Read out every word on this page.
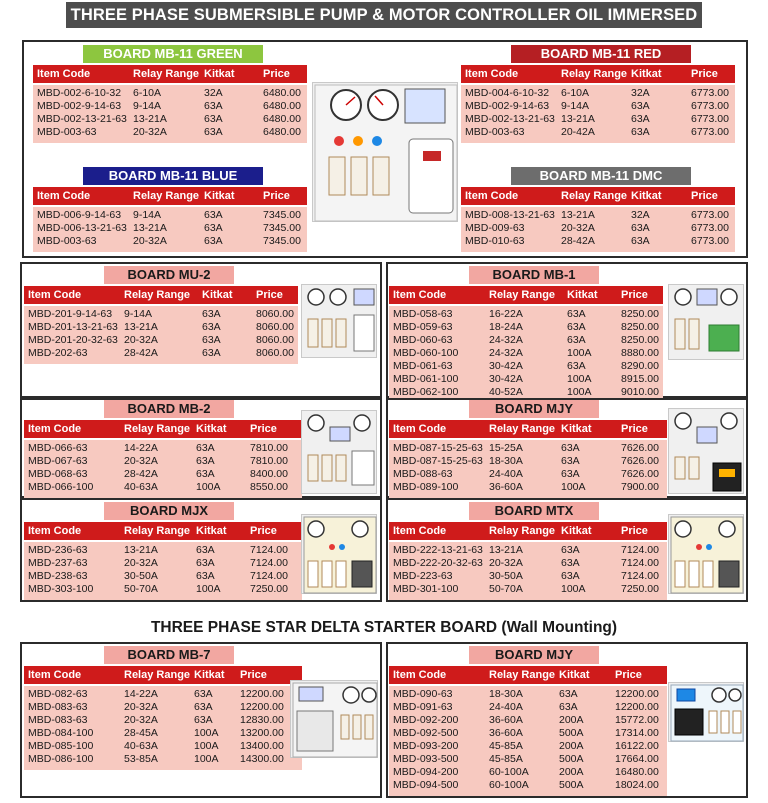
THREE PHASE SUBMERSIBLE PUMP & MOTOR CONTROLLER OIL IMMERSED
BOARD MB-11 GREEN
Item Code	Relay Range Kitkat	Price
MBD-002-6-10-32 6-10A	32A	6480.00
MBD-002-9-14-63 9-14A	63A	6480.00
MBD-002-13-21-63 13-21A	63A	6480.00
MBD-003-63	20-32A	63A	6480.00
BOARD MB-11 RED
Item Code	Relay Range Kitkat	Price
MBD-004-6-10-32 6-10A	32A	6773.00
MBD-002-9-14-63 9-14A	63A	6773.00
MBD-002-13-21-63 13-21A	63A	6773.00
MBD-003-63	20-42A	63A	6773.00
BOARD MB-11 BLUE
Item Code	Relay Range Kitkat	Price
MBD-006-9-14-63 9-14A	63A	7345.00
MBD-006-13-21-63 13-21A	63A	7345.00
MBD-003-63	20-32A	63A	7345.00
BOARD MB-11 DMC
Item Code	Relay Range Kitkat	Price
MBD-008-13-21-63 13-21A	32A	6773.00
MBD-009-63	20-32A	63A	6773.00
MBD-010-63	28-42A	63A	6773.00
BOARD MU-2
Item Code	Relay Range Kitkat Price
MBD-201-9-14-63 9-14A	63A	8060.00
MBD-201-13-21-63 13-21A	63A	8060.00
MBD-201-20-32-63 20-32A	63A	8060.00
MBD-202-63	28-42A	63A	8060.00
BOARD MB-1
Item Code	Relay Range Kitkat Price
MBD-058-63	16-22A	63A	8250.00
MBD-059-63	18-24A	63A	8250.00
MBD-060-63	24-32A	63A	8250.00
MBD-060-100	24-32A	100A	8880.00
MBD-061-63	30-42A	63A	8290.00
MBD-061-100	30-42A	100A	8915.00
MBD-062-100	40-52A	100A	9010.00
BOARD MB-2
Item Code	Relay Range Kitkat Price
MBD-066-63	14-22A	63A	7810.00
MBD-067-63	20-32A	63A	7810.00
MBD-068-63	28-42A	63A	8400.00
MBD-066-100	40-63A	100A	8550.00
BOARD MJY
Item Code	Relay Range Kitkat	Price
MBD-087-15-25-63 15-25A	63A	7626.00
MBD-087-15-25-63 18-30A	63A	7626.00
MBD-088-63	24-40A	63A	7626.00
MBD-089-100	36-60A	100A	7900.00
BOARD MJX
Item Code	Relay Range Kitkat Price
MBD-236-63	13-21A	63A	7124.00
MBD-237-63	20-32A	63A	7124.00
MBD-238-63	30-50A	63A	7124.00
MBD-303-100	50-70A	100A	7250.00
BOARD MTX
Item Code	Relay Range Kitkat	Price
MBD-222-13-21-63 13-21A	63A	7124.00
MBD-222-20-32-63 20-32A	63A	7124.00
MBD-223-63	30-50A	63A	7124.00
MBD-301-100	50-70A	100A	7250.00
THREE PHASE STAR DELTA STARTER BOARD (Wall Mounting)
BOARD MB-7
Item Code	Relay Range Kitkat Price
MBD-082-63	14-22A	63A	12200.00
MBD-083-63	20-32A	63A	12200.00
MBD-083-63	20-32A	63A	12830.00
MBD-084-100	28-45A	100A 13200.00
MBD-085-100	40-63A	100A 13400.00
MBD-086-100	53-85A	100A 14300.00
BOARD MJY
Item Code	Relay Range Kitkat Price
MBD-090-63	18-30A	63A	12200.00
MBD-091-63	24-40A	63A	12200.00
MBD-092-200	36-60A	200A	15772.00
MBD-092-500	36-60A	500A	17314.00
MBD-093-200	45-85A	200A	16122.00
MBD-093-500	45-85A	500A	17664.00
MBD-094-200	60-100A	200A	16480.00
MBD-094-500	60-100A	500A	18024.00
